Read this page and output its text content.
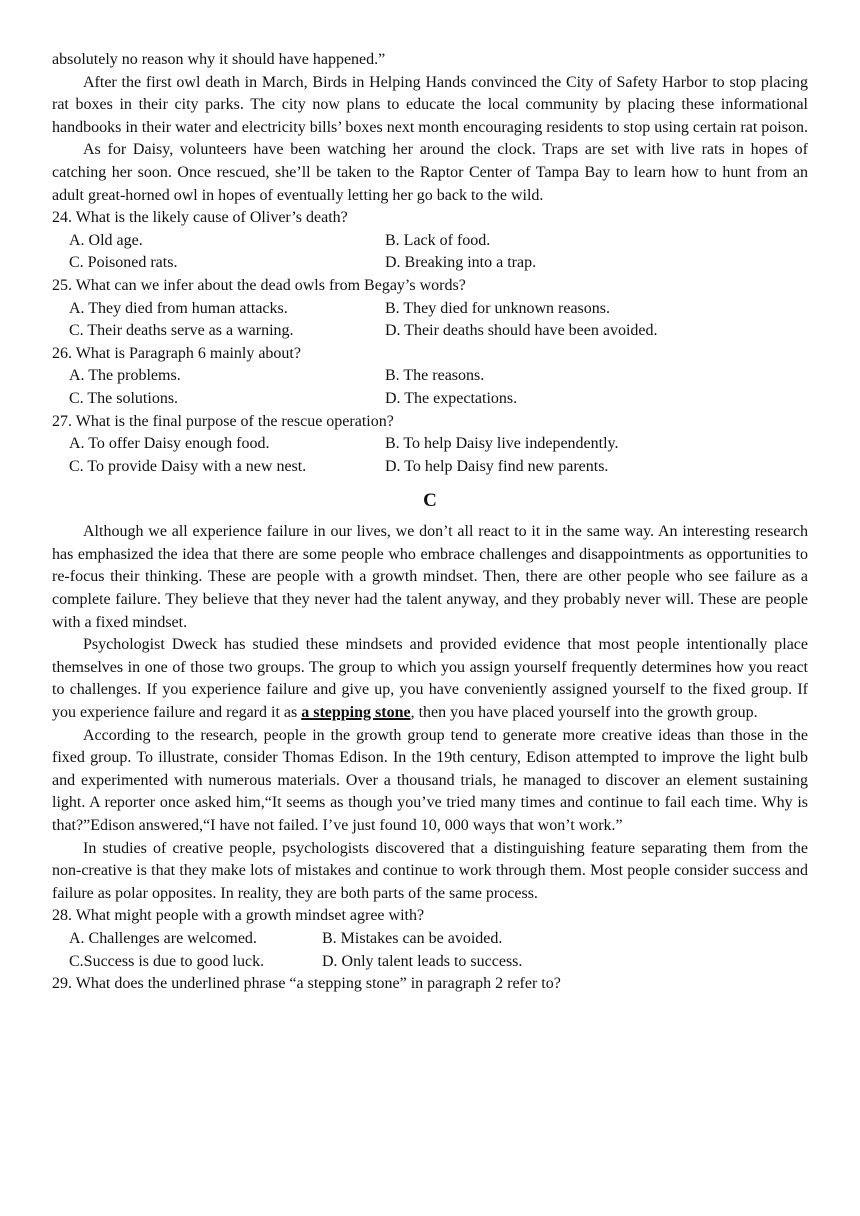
absolutely no reason why it should have happened.”

After the first owl death in March, Birds in Helping Hands convinced the City of Safety Harbor to stop placing rat boxes in their city parks. The city now plans to educate the local community by placing these informational handbooks in their water and electricity bills’ boxes next month encouraging residents to stop using certain rat poison.

As for Daisy, volunteers have been watching her around the clock. Traps are set with live rats in hopes of catching her soon. Once rescued, she’ll be taken to the Raptor Center of Tampa Bay to learn how to hunt from an adult great-horned owl in hopes of eventually letting her go back to the wild.

24. What is the likely cause of Oliver’s death?

A. Old age.	B. Lack of food.
C. Poisoned rats.	D. Breaking into a trap.

25. What can we infer about the dead owls from Begay’s words?

A. They died from human attacks.	B. They died for unknown reasons.
C. Their deaths serve as a warning.	D. Their deaths should have been avoided.

26. What is Paragraph 6 mainly about?

A. The problems.	B. The reasons.
C. The solutions.	D. The expectations.

27. What is the final purpose of the rescue operation?

A. To offer Daisy enough food.	B. To help Daisy live independently.
C. To provide Daisy with a new nest.	D. To help Daisy find new parents.
C

Although we all experience failure in our lives, we don’t all react to it in the same way. An interesting research has emphasized the idea that there are some people who embrace challenges and disappointments as opportunities to re-focus their thinking. These are people with a growth mindset. Then, there are other people who see failure as a complete failure. They believe that they never had the talent anyway, and they probably never will. These are people with a fixed mindset.

Psychologist Dweck has studied these mindsets and provided evidence that most people intentionally place themselves in one of those two groups. The group to which you assign yourself frequently determines how you react to challenges. If you experience failure and give up, you have conveniently assigned yourself to the fixed group. If you experience failure and regard it as a stepping stone, then you have placed yourself into the growth group.

According to the research, people in the growth group tend to generate more creative ideas than those in the fixed group. To illustrate, consider Thomas Edison. In the 19th century, Edison attempted to improve the light bulb and experimented with numerous materials. Over a thousand trials, he managed to discover an element sustaining light. A reporter once asked him,“It seems as though you’ve tried many times and continue to fail each time. Why is that?”Edison answered,“I have not failed. I’ve just found 10, 000 ways that won’t work.”

In studies of creative people, psychologists discovered that a distinguishing feature separating them from the non-creative is that they make lots of mistakes and continue to work through them. Most people consider success and failure as polar opposites. In reality, they are both parts of the same process.

28. What might people with a growth mindset agree with?

A. Challenges are welcomed.	B. Mistakes can be avoided.
C.Success is due to good luck.	D. Only talent leads to success.

29. What does the underlined phrase “a stepping stone” in paragraph 2 refer to?
